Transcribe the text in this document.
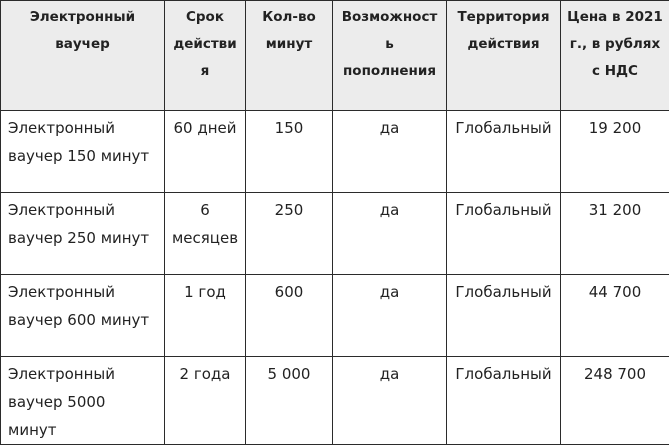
Электронный ваучер	Срок действия	Кол-во минут	Возможность пополнения	Территория действия	Цена в 2021 г., в рублях с НДС
Электронный ваучер 150 минут	60 дней	150	да	Глобальный	19 200
Электронный ваучер 250 минут	6 месяцев	250	да	Глобальный	31 200
Электронный ваучер 600 минут	1 год	600	да	Глобальный	44 700
Электронный ваучер 5000 минут	2 года	5 000	да	Глобальный	248 700
